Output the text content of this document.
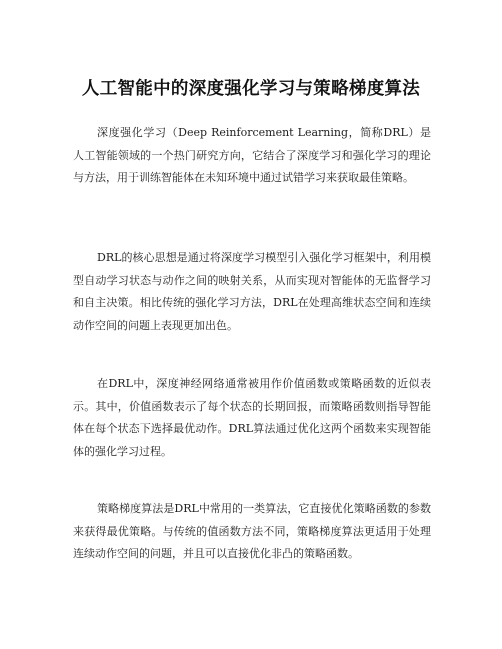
人工智能中的深度强化学习与策略梯度算法

深度强化学习（Deep Reinforcement Learning，简称DRL）是人工智能领域的一个热门研究方向，它结合了深度学习和强化学习的理论与方法，用于训练智能体在未知环境中通过试错学习来获取最佳策略。

DRL的核心思想是通过将深度学习模型引入强化学习框架中，利用模型自动学习状态与动作之间的映射关系，从而实现对智能体的无监督学习和自主决策。相比传统的强化学习方法，DRL在处理高维状态空间和连续动作空间的问题上表现更加出色。

在DRL中，深度神经网络通常被用作价值函数或策略函数的近似表示。其中，价值函数表示了每个状态的长期回报，而策略函数则指导智能体在每个状态下选择最优动作。DRL算法通过优化这两个函数来实现智能体的强化学习过程。

策略梯度算法是DRL中常用的一类算法，它直接优化策略函数的参数来获得最优策略。与传统的值函数方法不同，策略梯度算法更适用于处理连续动作空间的问题，并且可以直接优化非凸的策略函数。
